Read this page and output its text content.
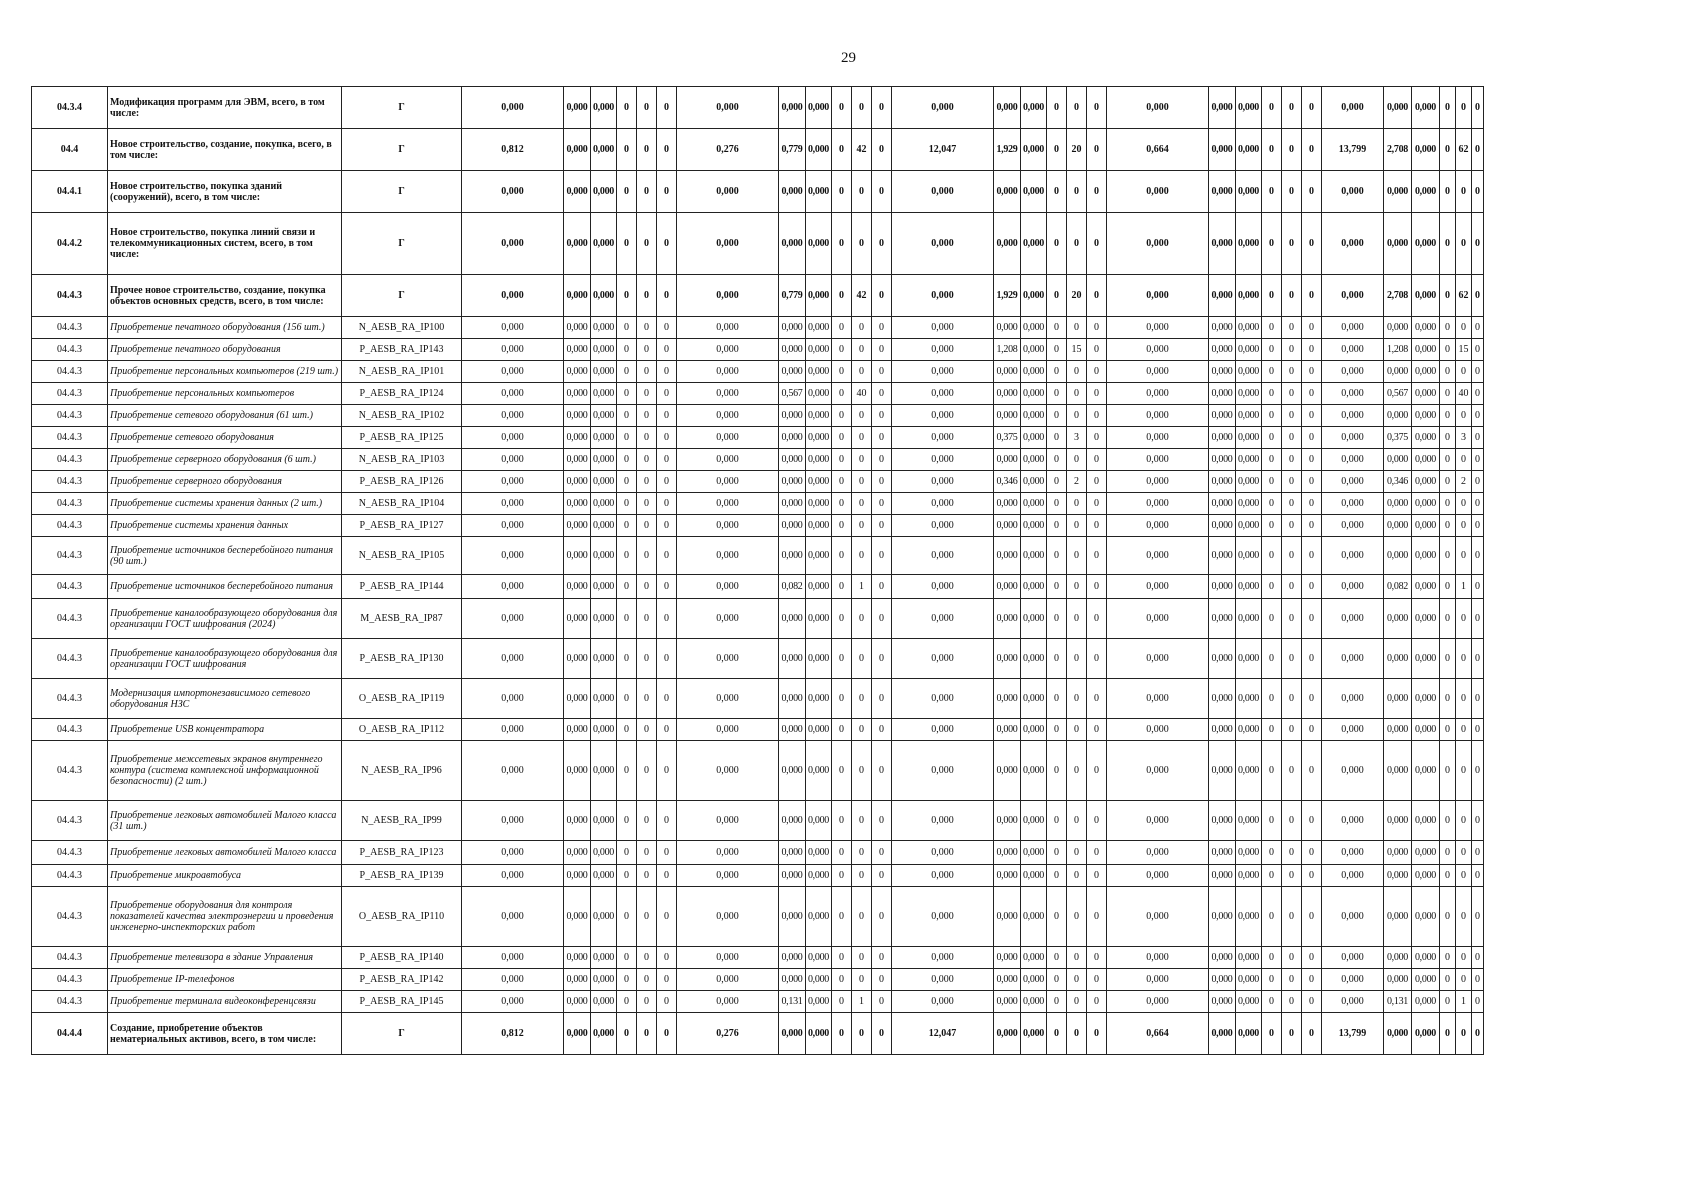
29
04.3.4	Модификация программ для ЭВМ, всего, в том числе:	Г	0,000	0,000	0,000	0	0	0	0,000	0,000	0,000	0	0	0	0,000	0,000	0,000	0	0	0	0,000	0,000	0,000	0	0	0	0,000	0,000	0,000	0	0	0
04.4	Новое строительство, создание, покупка, всего, в том числе:	Г	0,812	0,000	0,000	0	0	0	0,276	0,779	0,000	0	42	0	12,047	1,929	0,000	0	20	0	0,664	0,000	0,000	0	0	0	13,799	2,708	0,000	0	62	0
04.4.1	Новое строительство, покупка зданий (сооружений), всего, в том числе:	Г	0,000	0,000	0,000	0	0	0	0,000	0,000	0,000	0	0	0	0,000	0,000	0,000	0	0	0	0,000	0,000	0,000	0	0	0	0,000	0,000	0,000	0	0	0
04.4.2	Новое строительство, покупка линий связи и телекоммуникационных систем, всего, в том числе:	Г	0,000	0,000	0,000	0	0	0	0,000	0,000	0,000	0	0	0	0,000	0,000	0,000	0	0	0	0,000	0,000	0,000	0	0	0	0,000	0,000	0,000	0	0	0
04.4.3	Прочее новое строительство, создание, покупка объектов основных средств, всего, в том числе:	Г	0,000	0,000	0,000	0	0	0	0,000	0,779	0,000	0	42	0	0,000	1,929	0,000	0	20	0	0,000	0,000	0,000	0	0	0	0,000	2,708	0,000	0	62	0
04.4.3	Приобретение печатного оборудования (156 шт.)	N_AESB_RA_IP100	0,000	0,000	0,000	0	0	0	0,000	0,000	0,000	0	0	0	0,000	0,000	0,000	0	0	0	0,000	0,000	0,000	0	0	0	0,000	0,000	0,000	0	0	0
04.4.3	Приобретение печатного оборудования	P_AESB_RA_IP143	0,000	0,000	0,000	0	0	0	0,000	0,000	0,000	0	0	0	0,000	1,208	0,000	0	15	0	0,000	0,000	0,000	0	0	0	0,000	1,208	0,000	0	15	0
04.4.3	Приобретение персональных компьютеров (219 шт.)	N_AESB_RA_IP101	0,000	0,000	0,000	0	0	0	0,000	0,000	0,000	0	0	0	0,000	0,000	0,000	0	0	0	0,000	0,000	0,000	0	0	0	0,000	0,000	0,000	0	0	0
04.4.3	Приобретение персональных компьютеров	P_AESB_RA_IP124	0,000	0,000	0,000	0	0	0	0,000	0,567	0,000	0	40	0	0,000	0,000	0,000	0	0	0	0,000	0,000	0,000	0	0	0	0,000	0,567	0,000	0	40	0
04.4.3	Приобретение сетевого оборудования (61 шт.)	N_AESB_RA_IP102	0,000	0,000	0,000	0	0	0	0,000	0,000	0,000	0	0	0	0,000	0,000	0,000	0	0	0	0,000	0,000	0,000	0	0	0	0,000	0,000	0,000	0	0	0
04.4.3	Приобретение сетевого оборудования	P_AESB_RA_IP125	0,000	0,000	0,000	0	0	0	0,000	0,000	0,000	0	0	0	0,000	0,375	0,000	0	3	0	0,000	0,000	0,000	0	0	0	0,000	0,375	0,000	0	3	0
04.4.3	Приобретение серверного оборудования (6 шт.)	N_AESB_RA_IP103	0,000	0,000	0,000	0	0	0	0,000	0,000	0,000	0	0	0	0,000	0,000	0,000	0	0	0	0,000	0,000	0,000	0	0	0	0,000	0,000	0,000	0	0	0
04.4.3	Приобретение серверного оборудования	P_AESB_RA_IP126	0,000	0,000	0,000	0	0	0	0,000	0,000	0,000	0	0	0	0,000	0,346	0,000	0	2	0	0,000	0,000	0,000	0	0	0	0,000	0,346	0,000	0	2	0
04.4.3	Приобретение системы хранения данных (2 шт.)	N_AESB_RA_IP104	0,000	0,000	0,000	0	0	0	0,000	0,000	0,000	0	0	0	0,000	0,000	0,000	0	0	0	0,000	0,000	0,000	0	0	0	0,000	0,000	0,000	0	0	0
04.4.3	Приобретение системы хранения данных	P_AESB_RA_IP127	0,000	0,000	0,000	0	0	0	0,000	0,000	0,000	0	0	0	0,000	0,000	0,000	0	0	0	0,000	0,000	0,000	0	0	0	0,000	0,000	0,000	0	0	0
04.4.3	Приобретение источников бесперебойного питания (90 шт.)	N_AESB_RA_IP105	0,000	0,000	0,000	0	0	0	0,000	0,000	0,000	0	0	0	0,000	0,000	0,000	0	0	0	0,000	0,000	0,000	0	0	0	0,000	0,000	0,000	0	0	0
04.4.3	Приобретение источников бесперебойного питания	P_AESB_RA_IP144	0,000	0,000	0,000	0	0	0	0,000	0,082	0,000	0	1	0	0,000	0,000	0,000	0	0	0	0,000	0,000	0,000	0	0	0	0,000	0,082	0,000	0	1	0
04.4.3	Приобретение каналообразующего оборудования для организации ГОСТ шифрования (2024)	M_AESB_RA_IP87	0,000	0,000	0,000	0	0	0	0,000	0,000	0,000	0	0	0	0,000	0,000	0,000	0	0	0	0,000	0,000	0,000	0	0	0	0,000	0,000	0,000	0	0	0
04.4.3	Приобретение каналообразующего оборудования для организации ГОСТ шифрования	P_AESB_RA_IP130	0,000	0,000	0,000	0	0	0	0,000	0,000	0,000	0	0	0	0,000	0,000	0,000	0	0	0	0,000	0,000	0,000	0	0	0	0,000	0,000	0,000	0	0	0
04.4.3	Модернизация импортонезависимого сетевого оборудования НЗС	O_AESB_RA_IP119	0,000	0,000	0,000	0	0	0	0,000	0,000	0,000	0	0	0	0,000	0,000	0,000	0	0	0	0,000	0,000	0,000	0	0	0	0,000	0,000	0,000	0	0	0
04.4.3	Приобретение USB концентратора	O_AESB_RA_IP112	0,000	0,000	0,000	0	0	0	0,000	0,000	0,000	0	0	0	0,000	0,000	0,000	0	0	0	0,000	0,000	0,000	0	0	0	0,000	0,000	0,000	0	0	0
04.4.3	Приобретение межсетевых экранов внутреннего контура (система комплексной информационной безопасности) (2 шт.)	N_AESB_RA_IP96	0,000	0,000	0,000	0	0	0	0,000	0,000	0,000	0	0	0	0,000	0,000	0,000	0	0	0	0,000	0,000	0,000	0	0	0	0,000	0,000	0,000	0	0	0
04.4.3	Приобретение легковых автомобилей Малого класса (31 шт.)	N_AESB_RA_IP99	0,000	0,000	0,000	0	0	0	0,000	0,000	0,000	0	0	0	0,000	0,000	0,000	0	0	0	0,000	0,000	0,000	0	0	0	0,000	0,000	0,000	0	0	0
04.4.3	Приобретение легковых автомобилей Малого класса	P_AESB_RA_IP123	0,000	0,000	0,000	0	0	0	0,000	0,000	0,000	0	0	0	0,000	0,000	0,000	0	0	0	0,000	0,000	0,000	0	0	0	0,000	0,000	0,000	0	0	0
04.4.3	Приобретение микроавтобуса	P_AESB_RA_IP139	0,000	0,000	0,000	0	0	0	0,000	0,000	0,000	0	0	0	0,000	0,000	0,000	0	0	0	0,000	0,000	0,000	0	0	0	0,000	0,000	0,000	0	0	0
04.4.3	Приобретение оборудования для контроля показателей качества электроэнергии и проведения инженерно-инспекторских работ	O_AESB_RA_IP110	0,000	0,000	0,000	0	0	0	0,000	0,000	0,000	0	0	0	0,000	0,000	0,000	0	0	0	0,000	0,000	0,000	0	0	0	0,000	0,000	0,000	0	0	0
04.4.3	Приобретение телевизора в здание Управления	P_AESB_RA_IP140	0,000	0,000	0,000	0	0	0	0,000	0,000	0,000	0	0	0	0,000	0,000	0,000	0	0	0	0,000	0,000	0,000	0	0	0	0,000	0,000	0,000	0	0	0
04.4.3	Приобретение IP-телефонов	P_AESB_RA_IP142	0,000	0,000	0,000	0	0	0	0,000	0,000	0,000	0	0	0	0,000	0,000	0,000	0	0	0	0,000	0,000	0,000	0	0	0	0,000	0,000	0,000	0	0	0
04.4.3	Приобретение терминала видеоконференцсвязи	P_AESB_RA_IP145	0,000	0,000	0,000	0	0	0	0,000	0,131	0,000	0	1	0	0,000	0,000	0,000	0	0	0	0,000	0,000	0,000	0	0	0	0,000	0,131	0,000	0	1	0
04.4.4	Создание, приобретение объектов нематериальных активов, всего, в том числе:	Г	0,812	0,000	0,000	0	0	0	0,276	0,000	0,000	0	0	0	12,047	0,000	0,000	0	0	0	0,664	0,000	0,000	0	0	0	13,799	0,000	0,000	0	0	0
